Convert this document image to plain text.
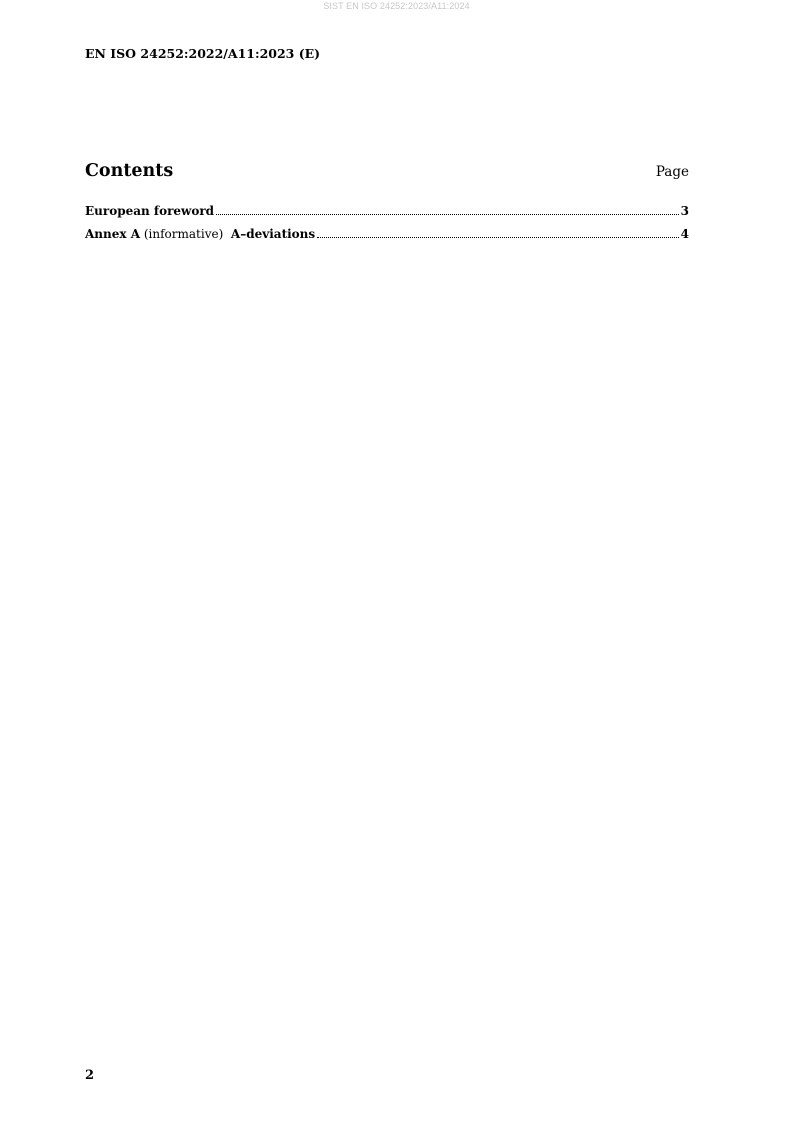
SIST EN ISO 24252:2023/A11:2024
EN ISO 24252:2022/A11:2023 (E)
Contents	Page
European foreword	3
Annex A (informative) A–deviations	4
2
